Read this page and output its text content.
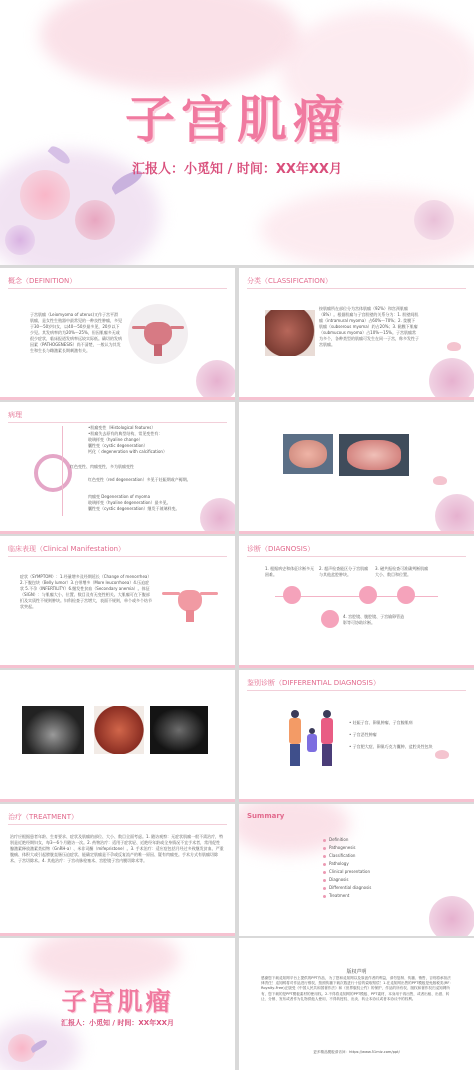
子宫肌瘤
汇报人：小觅知 / 时间：XX年XX月
概念（DEFINITION）
子宫肌瘤（Leiomyoma of uterus)又作子宫平滑肌瘤，是女性生殖器中最常见的一种良性肿瘤，多见于30～50岁妇女，以40～50岁最多见，20岁以下少见。其发病率约为20%～25%，但因肌瘤多无或很少症状，临床报道发病率远较实际低。确切的发病因素（PATHOGENESIS）尚不清楚，一般认为其发生和生长与雌激素长期刺激有关。
分类（CLASSIFICATION）
按肌瘤所在部位分为宫体肌瘤（92%）和宫颈肌瘤（8%）。根据肌瘤与子宫肌壁的关系分为：1. 肌壁间肌瘤（intramural myoma）占60%～70%；2. 浆膜下肌瘤（subserous myoma）约占20%；3. 黏膜下肌瘤（submucous myoma）占10%～15%。子宫肌瘤常为多个，各种类型的肌瘤可发生在同一子宫，称多发性子宫肌瘤。
病理
•肌瘤变性（Histological features）
•肌瘤失去原有的典型结构，常见变性有：
玻璃样变（hyaline change）
囊性变（cystic degeneration）
钙化（ degeneration with calcification）
红色变性、肉瘤变性，多为肌瘤变性
红色变性（red degeneration）多见于妊娠期或产褥期。
肉瘤变 Degeneration of myoma
玻璃样变（hyaline degeneration）最多见。
囊性变（cystic degeneration）继发于玻璃样变。
临床表现（Clinical Manifestation）
症状（SYMPTOM）：1.经量增多及经期延长（Change of menorrhea）2.下腹包块（Belly lumor）3.白带增多（More leucorrhoea）4.压迫症状 5.不孕（INFERTILITY）6.继发性贫血（Secondary anemia）。体征（SIGN）：与肌瘤大小、位置、数目及有无变性相关。大肌瘤可在下腹部扪及实质性不规则肿块。妇科检查子宫增大，表面不规则，单个或多个结节状突起。
诊断（DIAGNOSIS）
1. 根据病史和体征诊断多无困难。
2. 超声检查能区分子宫肌瘤与其他盆腔肿块。
3. 磁共振检查可准确判断肌瘤大小、数目和位置。
4. 宫腔镜、腹腔镜、子宫输卵管造影等可协助诊断。
鉴别诊断（DIFFERENTIAL DIAGNOSIS）
• 妊娠子宫、卵巢肿瘤、子宫腺肌病
• 子宫恶性肿瘤
• 子宫肥大症、卵巢巧克力囊肿、盆腔炎性包块
治疗（TREATMENT）
治疗应根据患者年龄、生育要求、症状及肌瘤的部位、大小、数目全面考虑。1. 随访观察：无症状肌瘤一般不需治疗，特别是近绝经期妇女，每3～6个月随访一次。2. 药物治疗：适用于症状轻、近绝经年龄或全身情况不宜手术者，常用促性腺激素释放激素类似物（GnRH-a）、米非司酮（mifepristone）。3. 手术治疗：适应症包括月经过多致继发贫血、严重腹痛、体积大或引起膀胱直肠压迫症状、能确定肌瘤是不孕或反复流产的唯一原因、疑有肉瘤变。手术方式有肌瘤切除术、子宫切除术。4. 其他治疗：子宫动脉栓塞术、宫腔镜子宫内膜切除术等。
Summary
Definition
Pathogenesis
Classification
Pathology
Clinical presentation
Diagnosis
Differential diagnosis
Treatment
子宫肌瘤
汇报人：小觅知 / 时间：XX年XX月
版权声明
感谢您下载觅知网平台上提供的PPT作品，为了您和觅知网以及原创作者的利益，请勿复制、传播、销售，否则将承担法律责任！觅知网将对作品进行维权，按照传播下载次数进行十倍的索取赔偿！1.在觅知网出售的PPT模板是免版税类(RF：Royalty-Free)正版受《中国人民共和国著作法》和《世界版权公约》的保护，作品的所有权、版权和著作权归觅知网所有，您下载的是PPT模板素材的使用权。2.不得将觅知网的PPT模板、PPT素材，本身用于再出售，或者出租、出借、转让、分销、发布或者作为礼物供他人使用，不得转授权、出卖、转让本协议或者本协议中的权利。
更多精品模板请访问：https://www.51miz.com/ppt/
